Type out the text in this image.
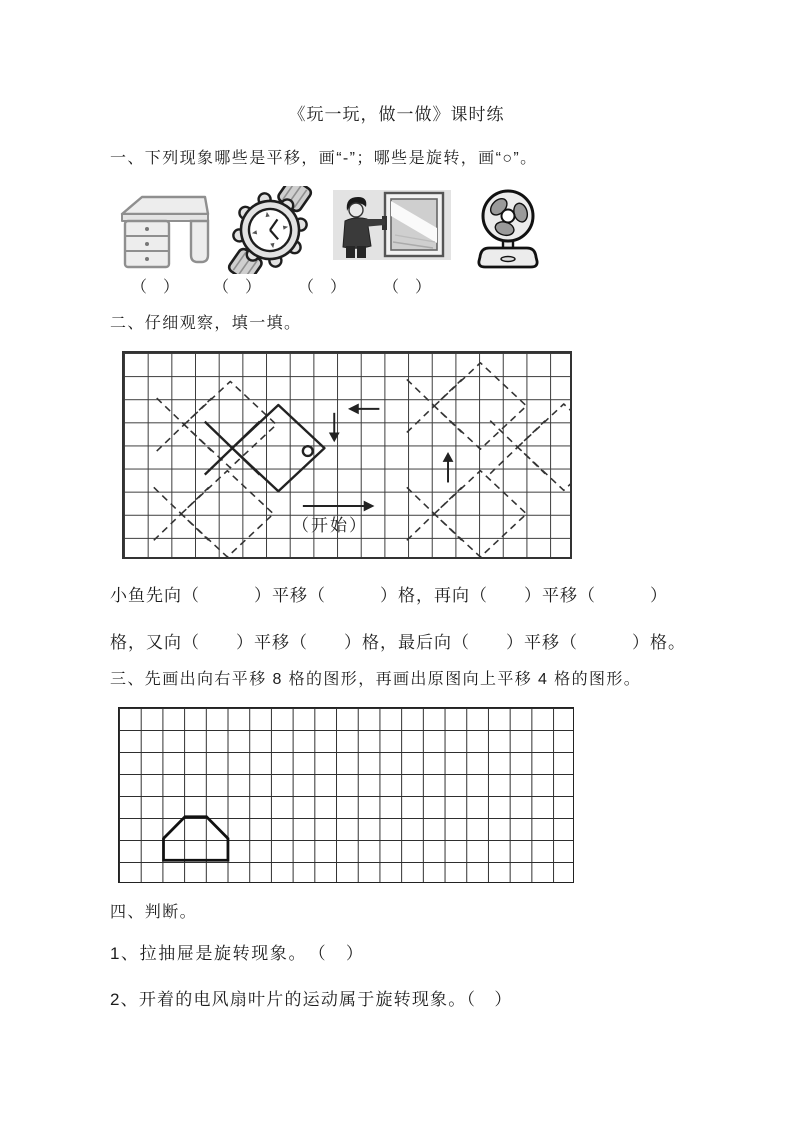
《玩一玩，做一做》课时练
一、下列现象哪些是平移，画“-”；哪些是旋转，画“○”。
（　） （　） （　） （　）
二、仔细观察，填一填。
（开始）
小鱼先向（　　　）平移（　　　）格，再向（　　）平移（　　　）
格，又向（　　）平移（　　）格，最后向（　　）平移（　　　）格。
三、先画出向右平移 8 格的图形，再画出原图向上平移 4 格的图形。
四、判断。
1、拉抽屉是旋转现象。　（　）
2、开着的电风扇叶片的运动属于旋转现象。（　）
